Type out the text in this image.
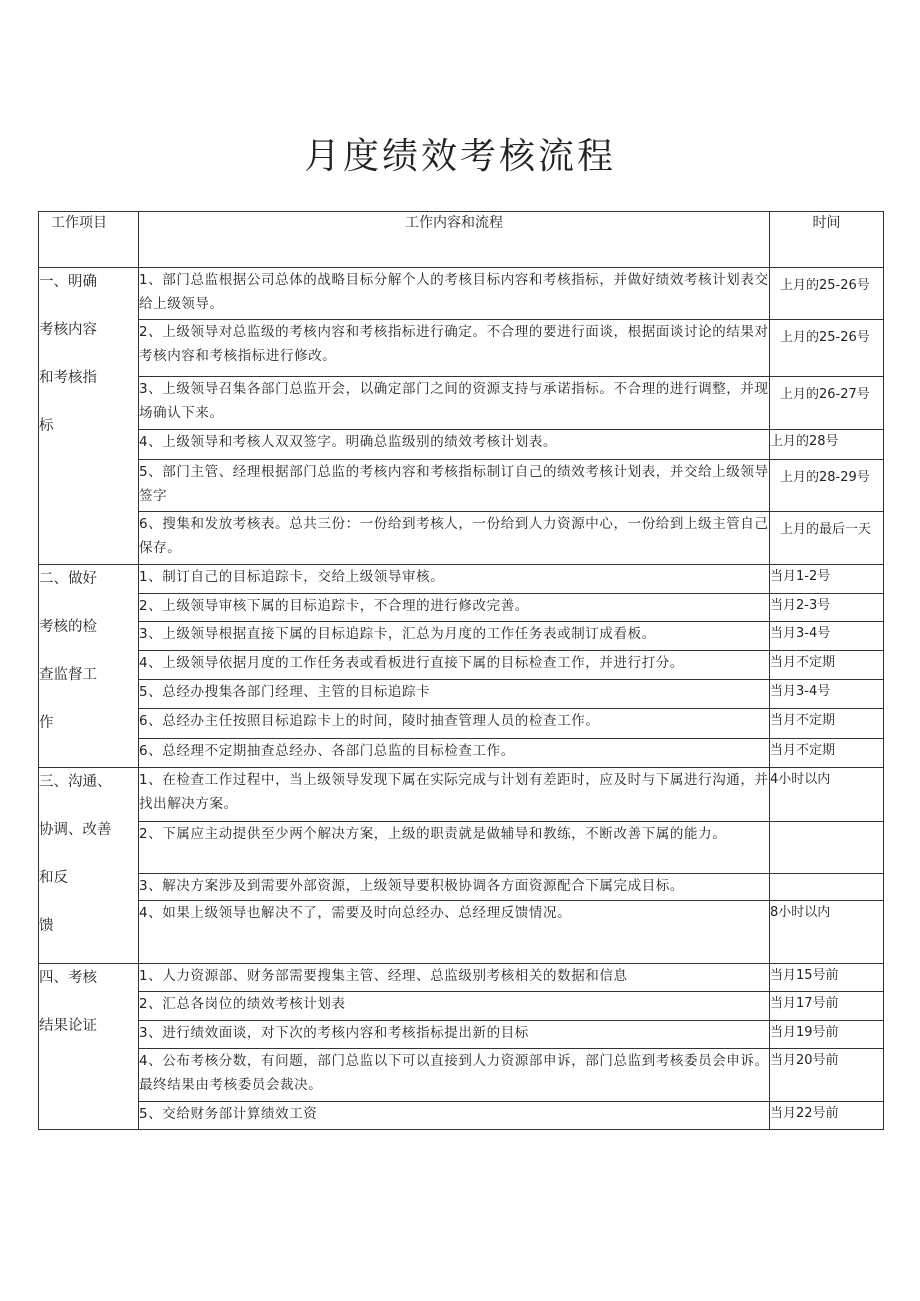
月度绩效考核流程
工作项目	工作内容和流程	时间

一、明确
考核内容
和考核指
标	1、部门总监根据公司总体的战略目标分解个人的考核目标内容和考核指标，并做好绩效考核计划表交给上级领导。	上月的25-26号
	2、上级领导对总监级的考核内容和考核指标进行确定。不合理的要进行面谈，根据面谈讨论的结果对考核内容和考核指标进行修改。	上月的25-26号
	3、上级领导召集各部门总监开会，以确定部门之间的资源支持与承诺指标。不合理的进行调整，并现场确认下来。	上月的26-27号
	4、上级领导和考核人双双签字。明确总监级别的绩效考核计划表。	上月的28号
	5、部门主管、经理根据部门总监的考核内容和考核指标制订自己的绩效考核计划表，并交给上级领导签字	上月的28-29号
	6、搜集和发放考核表。总共三份：一份给到考核人，一份给到人力资源中心，一份给到上级主管自己保存。	上月的最后一天

二、做好
考核的检
查监督工
作	1、制订自己的目标追踪卡，交给上级领导审核。	当月1-2号
	2、上级领导审核下属的目标追踪卡，不合理的进行修改完善。	当月2-3号
	3、上级领导根据直接下属的目标追踪卡，汇总为月度的工作任务表或制订成看板。	当月3-4号
	4、上级领导依据月度的工作任务表或看板进行直接下属的目标检查工作，并进行打分。	当月不定期
	5、总经办搜集各部门经理、主管的目标追踪卡	当月3-4号
	6、总经办主任按照目标追踪卡上的时间，陵时抽查管理人员的检查工作。	当月不定期
	6、总经理不定期抽查总经办、各部门总监的目标检查工作。	当月不定期

三、沟通、
协调、改善
和反
馈	1、在检查工作过程中，当上级领导发现下属在实际完成与计划有差距时，应及时与下属进行沟通，并找出解决方案。	4小时以内
	2、下属应主动提供至少两个解决方案，上级的职责就是做辅导和教练，不断改善下属的能力。	
	3、解决方案涉及到需要外部资源，上级领导要积极协调各方面资源配合下属完成目标。	
	4、如果上级领导也解决不了，需要及时向总经办、总经理反馈情况。	8小时以内

四、考核
结果论证	1、人力资源部、财务部需要搜集主管、经理、总监级别考核相关的数据和信息	当月15号前
	2、汇总各岗位的绩效考核计划表	当月17号前
	3、进行绩效面谈，对下次的考核内容和考核指标提出新的目标	当月19号前
	4、公布考核分数，有问题，部门总监以下可以直接到人力资源部申诉，部门总监到考核委员会申诉。最终结果由考核委员会裁决。	当月20号前
	5、交给财务部计算绩效工资	当月22号前
